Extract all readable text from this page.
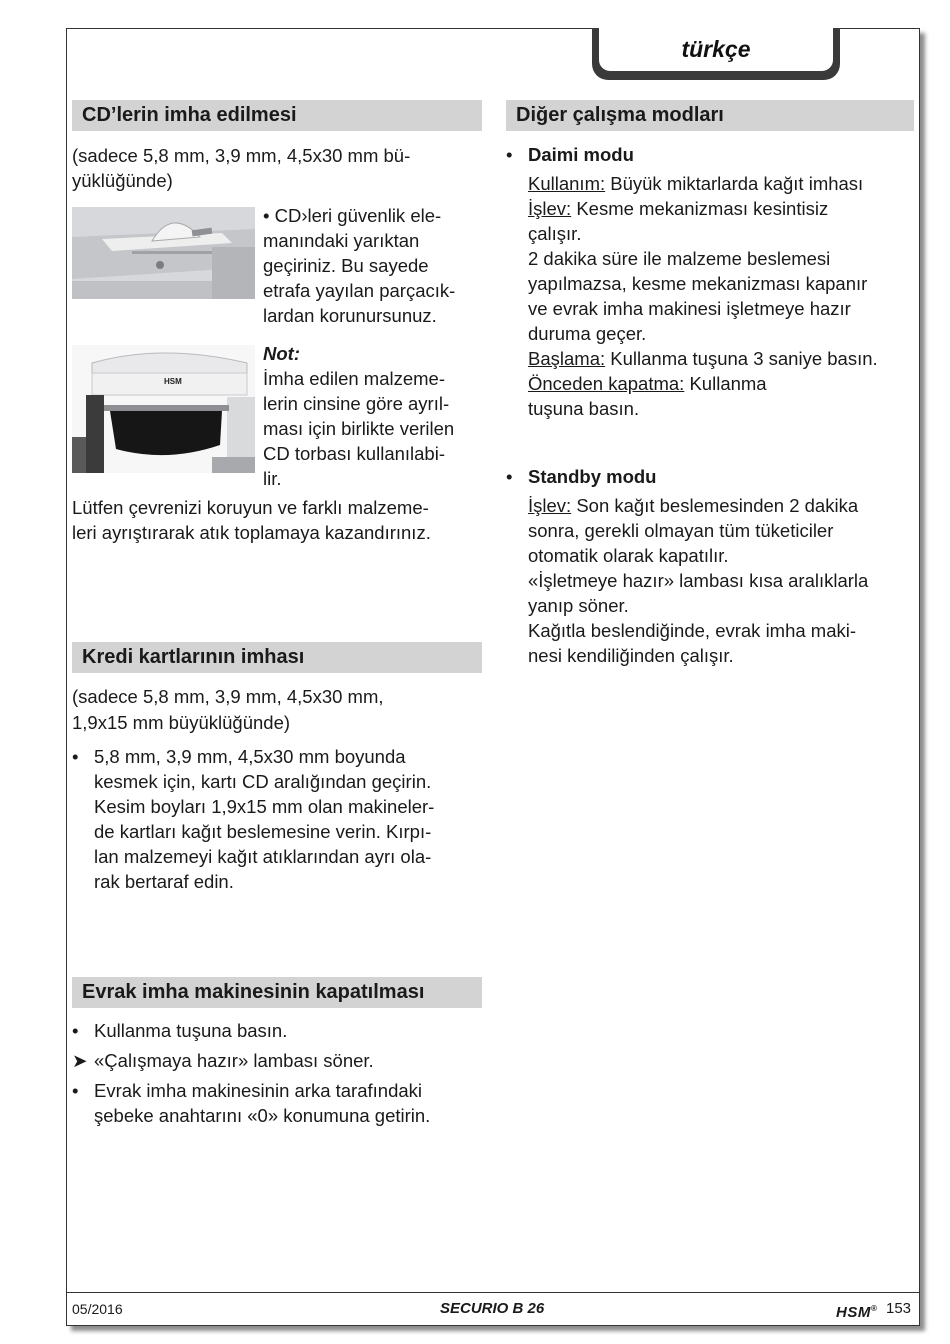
türkçe
CD’lerin imha edilmesi
(sadece 5,8 mm, 3,9 mm, 4,5x30 mm bü-
yüklüğünde)
• CD›leri güvenlik ele-
manındaki yarıktan
geçiriniz. Bu sayede
etrafa yayılan parçacık-
lardan korunursunuz.
HSM
Not:
İmha edilen malzeme-
lerin cinsine göre ayrıl-
ması için birlikte verilen
CD torbası kullanılabi-
lir.
Lütfen çevrenizi koruyun ve farklı malzeme-
leri ayrıştırarak atık toplamaya kazandırınız.
Kredi kartlarının imhası
(sadece 5,8 mm, 3,9 mm, 4,5x30 mm,
1,9x15 mm büyüklüğünde)
• 5,8 mm, 3,9 mm, 4,5x30 mm boyunda
kesmek için, kartı CD aralığından geçirin.
Kesim boyları 1,9x15 mm olan makineler-
de kartları kağıt beslemesine verin. Kırpı-
lan malzemeyi kağıt atıklarından ayrı ola-
rak bertaraf edin.
Evrak imha makinesinin kapatılması
• Kullanma tuşuna basın.
➤ «Çalışmaya hazır» lambası söner.
• Evrak imha makinesinin arka tarafındaki
şebeke anahtarını «0» konumuna getirin.
Diğer çalışma modları
• Daimi modu
Kullanım: Büyük miktarlarda kağıt imhası
İşlev: Kesme mekanizması kesintisiz
çalışır.
2 dakika süre ile malzeme beslemesi
yapılmazsa, kesme mekanizması kapanır
ve evrak imha makinesi işletmeye hazır
duruma geçer.
Başlama: Kullanma tuşuna 3 saniye basın.
Önceden kapatma: Kullanma
tuşuna basın.
• Standby modu
İşlev: Son kağıt beslemesinden 2 dakika
sonra, gerekli olmayan tüm tüketiciler
otomatik olarak kapatılır.
«İşletmeye hazır» lambası kısa aralıklarla
yanıp söner.
Kağıtla beslendiğinde, evrak imha maki-
nesi kendiliğinden çalışır.
05/2016	SECURIO B 26	HSM® 153
